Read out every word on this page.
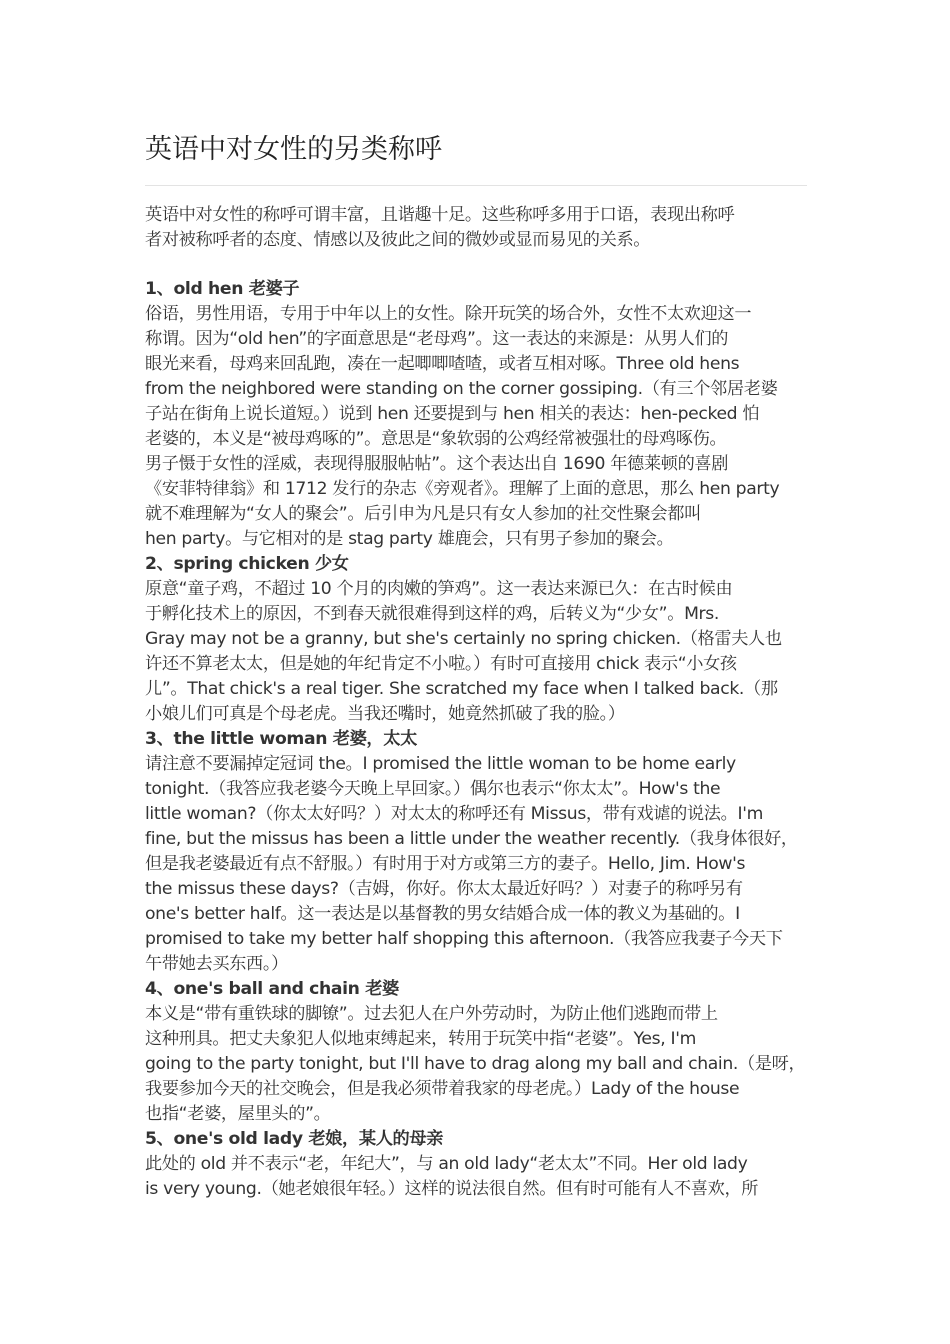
英语中对女性的另类称呼

英语中对女性的称呼可谓丰富，且谐趣十足。这些称呼多用于口语，表现出称呼

者对被称呼者的态度、情感以及彼此之间的微妙或显而易见的关系。

1、old hen 老婆子

俗语，男性用语，专用于中年以上的女性。除开玩笑的场合外，女性不太欢迎这一

称谓。因为“old hen”的字面意思是“老母鸡”。这一表达的来源是：从男人们的

眼光来看，母鸡来回乱跑，凑在一起唧唧喳喳，或者互相对啄。Three old hens

from the neighbored were standing on the corner gossiping.（有三个邻居老婆

子站在街角上说长道短。）说到 hen 还要提到与 hen 相关的表达：hen-pecked 怕

老婆的，本义是“被母鸡啄的”。意思是“象软弱的公鸡经常被强壮的母鸡啄伤。

男子慑于女性的淫威，表现得服服帖帖”。这个表达出自 1690 年德莱顿的喜剧

《安菲特律翁》和 1712 发行的杂志《旁观者》。理解了上面的意思，那么 hen party

就不难理解为“女人的聚会”。后引申为凡是只有女人参加的社交性聚会都叫

hen party。与它相对的是 stag party 雄鹿会，只有男子参加的聚会。

2、spring chicken 少女

原意“童子鸡，不超过 10 个月的肉嫩的笋鸡”。这一表达来源已久：在古时候由

于孵化技术上的原因，不到春天就很难得到这样的鸡，后转义为“少女”。Mrs.

Gray may not be a granny, but she's certainly no spring chicken.（格雷夫人也

许还不算老太太，但是她的年纪肯定不小啦。）有时可直接用 chick 表示“小女孩

儿”。That chick's a real tiger. She scratched my face when I talked back.（那

小娘儿们可真是个母老虎。当我还嘴时，她竟然抓破了我的脸。）

3、the little woman 老婆，太太

请注意不要漏掉定冠词 the。I promised the little woman to be home early

tonight.（我答应我老婆今天晚上早回家。）偶尔也表示“你太太”。How's the

little woman?（你太太好吗？）对太太的称呼还有 Missus，带有戏谑的说法。I'm

fine, but the missus has been a little under the weather recently.（我身体很好，

但是我老婆最近有点不舒服。）有时用于对方或第三方的妻子。Hello, Jim. How's

the missus these days?（吉姆，你好。你太太最近好吗？）对妻子的称呼另有

one's better half。这一表达是以基督教的男女结婚合成一体的教义为基础的。I

promised to take my better half shopping this afternoon.（我答应我妻子今天下

午带她去买东西。）

4、one's ball and chain 老婆

本义是“带有重铁球的脚镣”。过去犯人在户外劳动时，为防止他们逃跑而带上

这种刑具。把丈夫象犯人似地束缚起来，转用于玩笑中指“老婆”。Yes, I'm

going to the party tonight, but I'll have to drag along my ball and chain.（是呀，

我要参加今天的社交晚会，但是我必须带着我家的母老虎。）Lady of the house

也指“老婆，屋里头的”。

5、one's old lady 老娘，某人的母亲

此处的 old 并不表示“老，年纪大”，与 an old lady“老太太”不同。Her old lady

is very young.（她老娘很年轻。）这样的说法很自然。但有时可能有人不喜欢，所
